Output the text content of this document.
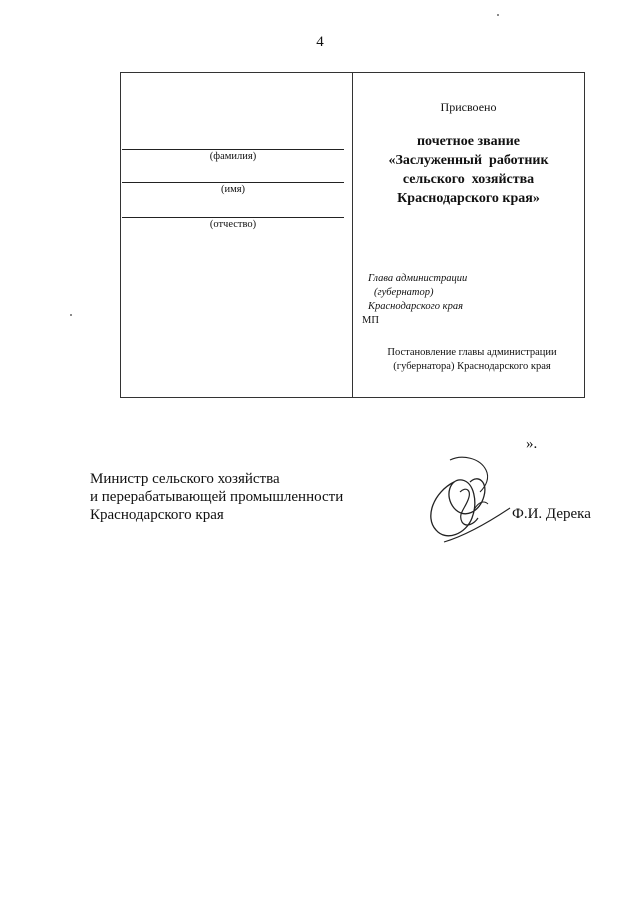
4
(фамилия)
(имя)
(отчество)
Присвоено
почетное звание
«Заслуженный  работник
сельского  хозяйства
Краснодарского края»
Глава администрации
(губернатор)
Краснодарского края
МП
Постановление главы администрации
(губернатора) Краснодарского края
».
Министр сельского хозяйства
и перерабатывающей промышленности
Краснодарского края	Ф.И. Дерека
